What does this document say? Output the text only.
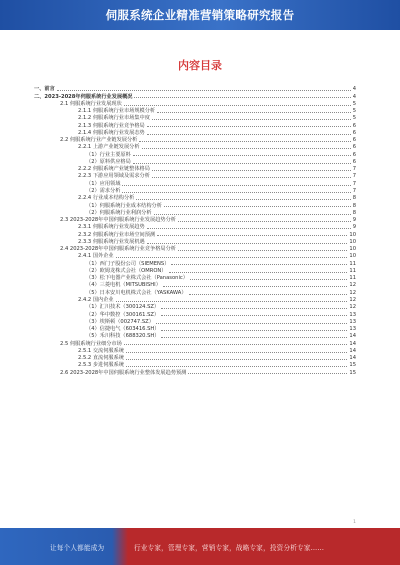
伺服系统企业精准营销策略研究报告
内容目录
一、前言	4
二、2023-2028年伺服系统行业发展概况	4
2.1 伺服系统行业发展现状	5
2.1.1 伺服系统行业市场规模分析	5
2.1.2 伺服系统行业市场集中度	5
2.1.3 伺服系统行业竞争格局	6
2.1.4 伺服系统行业发展态势	6
2.2 伺服系统行业产业链发展分析	6
2.2.1 上游产业链发展分析	6
（1）行业主要原料	6
（2）原料供应格局	6
2.2.2 伺服系统产业链整体格局	7
2.2.3 下游应用领域及需求分析	7
（1）应用领域	7
（2）需求分析	7
2.2.4 行业成本结构分析	8
（1）伺服系统行业成本结构分析	8
（2）伺服系统行业利润分析	8
2.3 2023-2028年中国伺服系统行业发展趋势分析	9
2.3.1 伺服系统行业发展趋势	9
2.3.2 伺服系统行业市场空间预测	10
2.3.3 伺服系统行业发展机遇	10
2.4 2023-2028年中国伺服系统行业竞争格局分析	10
2.4.1 国外企业	10
（1）西门子股份公司（SIEMENS）	11
（2）欧姆龙株式会社（OMRON）	11
（3）松下电器产业株式会社（Panasonic）	11
（4）三菱电机（MITSUBISHI）	12
（5）日本安川电机株式会社（YASKAWA）	12
2.4.2 国内企业	12
（1）汇川技术（300124.SZ）	12
（2）华中数控（300161.SZ）	13
（3）埃斯顿（002747.SZ）	13
（4）信捷电气（603416.SH）	13
（5）禾川科技（688320.SH）	14
2.5 伺服系统行业细分市场	14
2.5.1 交流伺服系统	14
2.5.2 直流伺服系统	14
2.5.3 步进伺服系统	15
2.6 2023-2028年中国伺服系统行业整体发展趋势预测	15
1
让每个人都能成为	行业专家，管理专家，营销专家，战略专家，投资分析专家……
